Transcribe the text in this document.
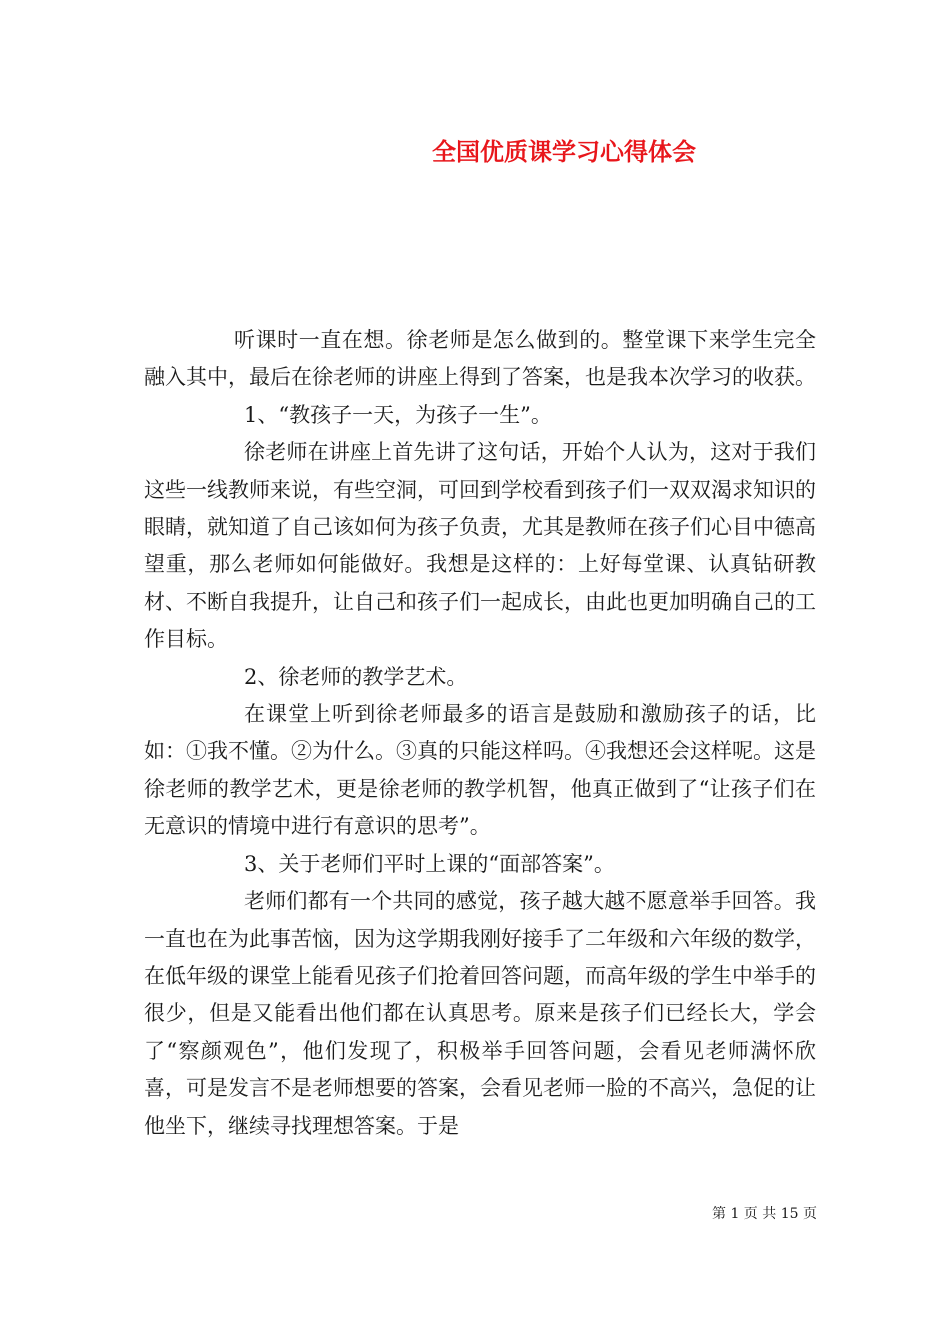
全国优质课学习心得体会

听课时一直在想。徐老师是怎么做到的。整堂课下来学生完全融入其中，最后在徐老师的讲座上得到了答案，也是我本次学习的收获。

1、“教孩子一天，为孩子一生”。

徐老师在讲座上首先讲了这句话，开始个人认为，这对于我们这些一线教师来说，有些空洞，可回到学校看到孩子们一双双渴求知识的眼睛，就知道了自己该如何为孩子负责，尤其是教师在孩子们心目中德高望重，那么老师如何能做好。我想是这样的：上好每堂课、认真钻研教材、不断自我提升，让自己和孩子们一起成长，由此也更加明确自己的工作目标。

2、徐老师的教学艺术。

在课堂上听到徐老师最多的语言是鼓励和激励孩子的话，比如：①我不懂。②为什么。③真的只能这样吗。④我想还会这样呢。这是徐老师的教学艺术，更是徐老师的教学机智，他真正做到了“让孩子们在无意识的情境中进行有意识的思考”。

3、关于老师们平时上课的“面部答案”。

老师们都有一个共同的感觉，孩子越大越不愿意举手回答。我一直也在为此事苦恼，因为这学期我刚好接手了二年级和六年级的数学，在低年级的课堂上能看见孩子们抢着回答问题，而高年级的学生中举手的很少，但是又能看出他们都在认真思考。原来是孩子们已经长大，学会了“察颜观色”，他们发现了，积极举手回答问题，会看见老师满怀欣喜，可是发言不是老师想要的答案，会看见老师一脸的不高兴，急促的让他坐下，继续寻找理想答案。于是

第 1 页 共 15 页
